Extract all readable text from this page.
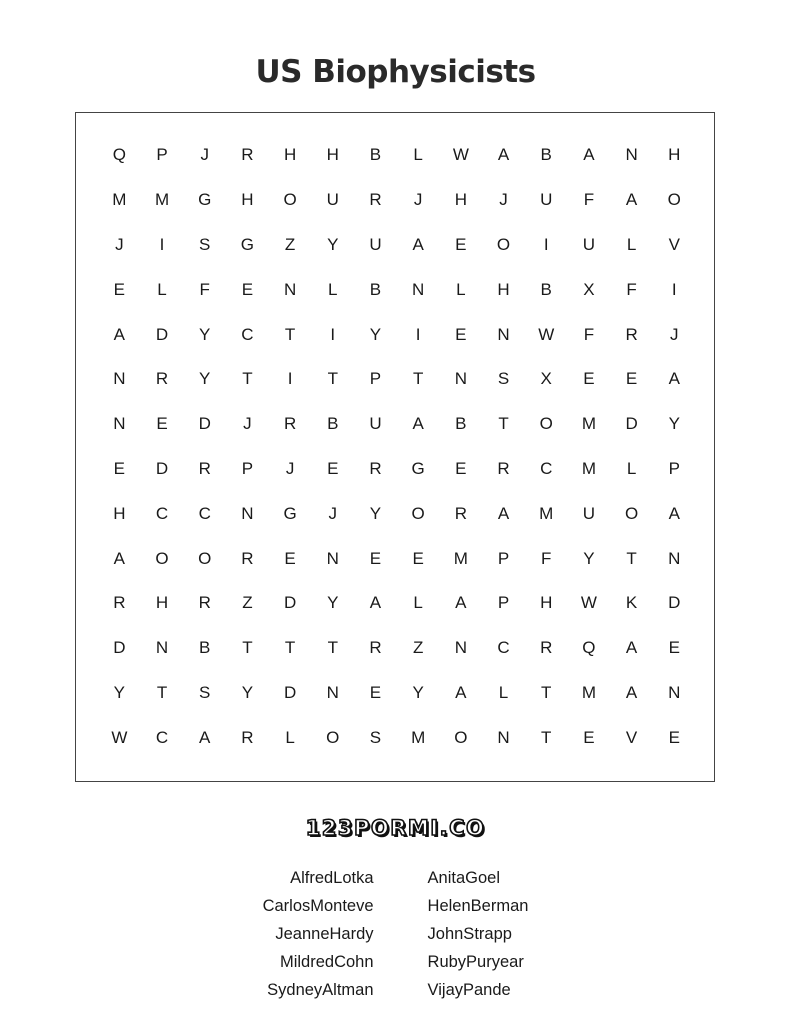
US Biophysicists
Q	P	J	R	H	H	B	L	W	A	B	A	N	H
M	M	G	H	O	U	R	J	H	J	U	F	A	O
J	I	S	G	Z	Y	U	A	E	O	I	U	L	V
E	L	F	E	N	L	B	N	L	H	B	X	F	I
A	D	Y	C	T	I	Y	I	E	N	W	F	R	J
N	R	Y	T	I	T	P	T	N	S	X	E	E	A
N	E	D	J	R	B	U	A	B	T	O	M	D	Y
E	D	R	P	J	E	R	G	E	R	C	M	L	P
H	C	C	N	G	J	Y	O	R	A	M	U	O	A
A	O	O	R	E	N	E	E	M	P	F	Y	T	N
R	H	R	Z	D	Y	A	L	A	P	H	W	K	D
D	N	B	T	T	T	R	Z	N	C	R	Q	A	E
Y	T	S	Y	D	N	E	Y	A	L	T	M	A	N
W	C	A	R	L	O	S	M	O	N	T	E	V	E
123PORMI.CO
AlfredLotka
CarlosMonteve
JeanneHardy
MildredCohn
SydneyAltman
AnitaGoel
HelenBerman
JohnStrapp
RubyPuryear
VijayPande
